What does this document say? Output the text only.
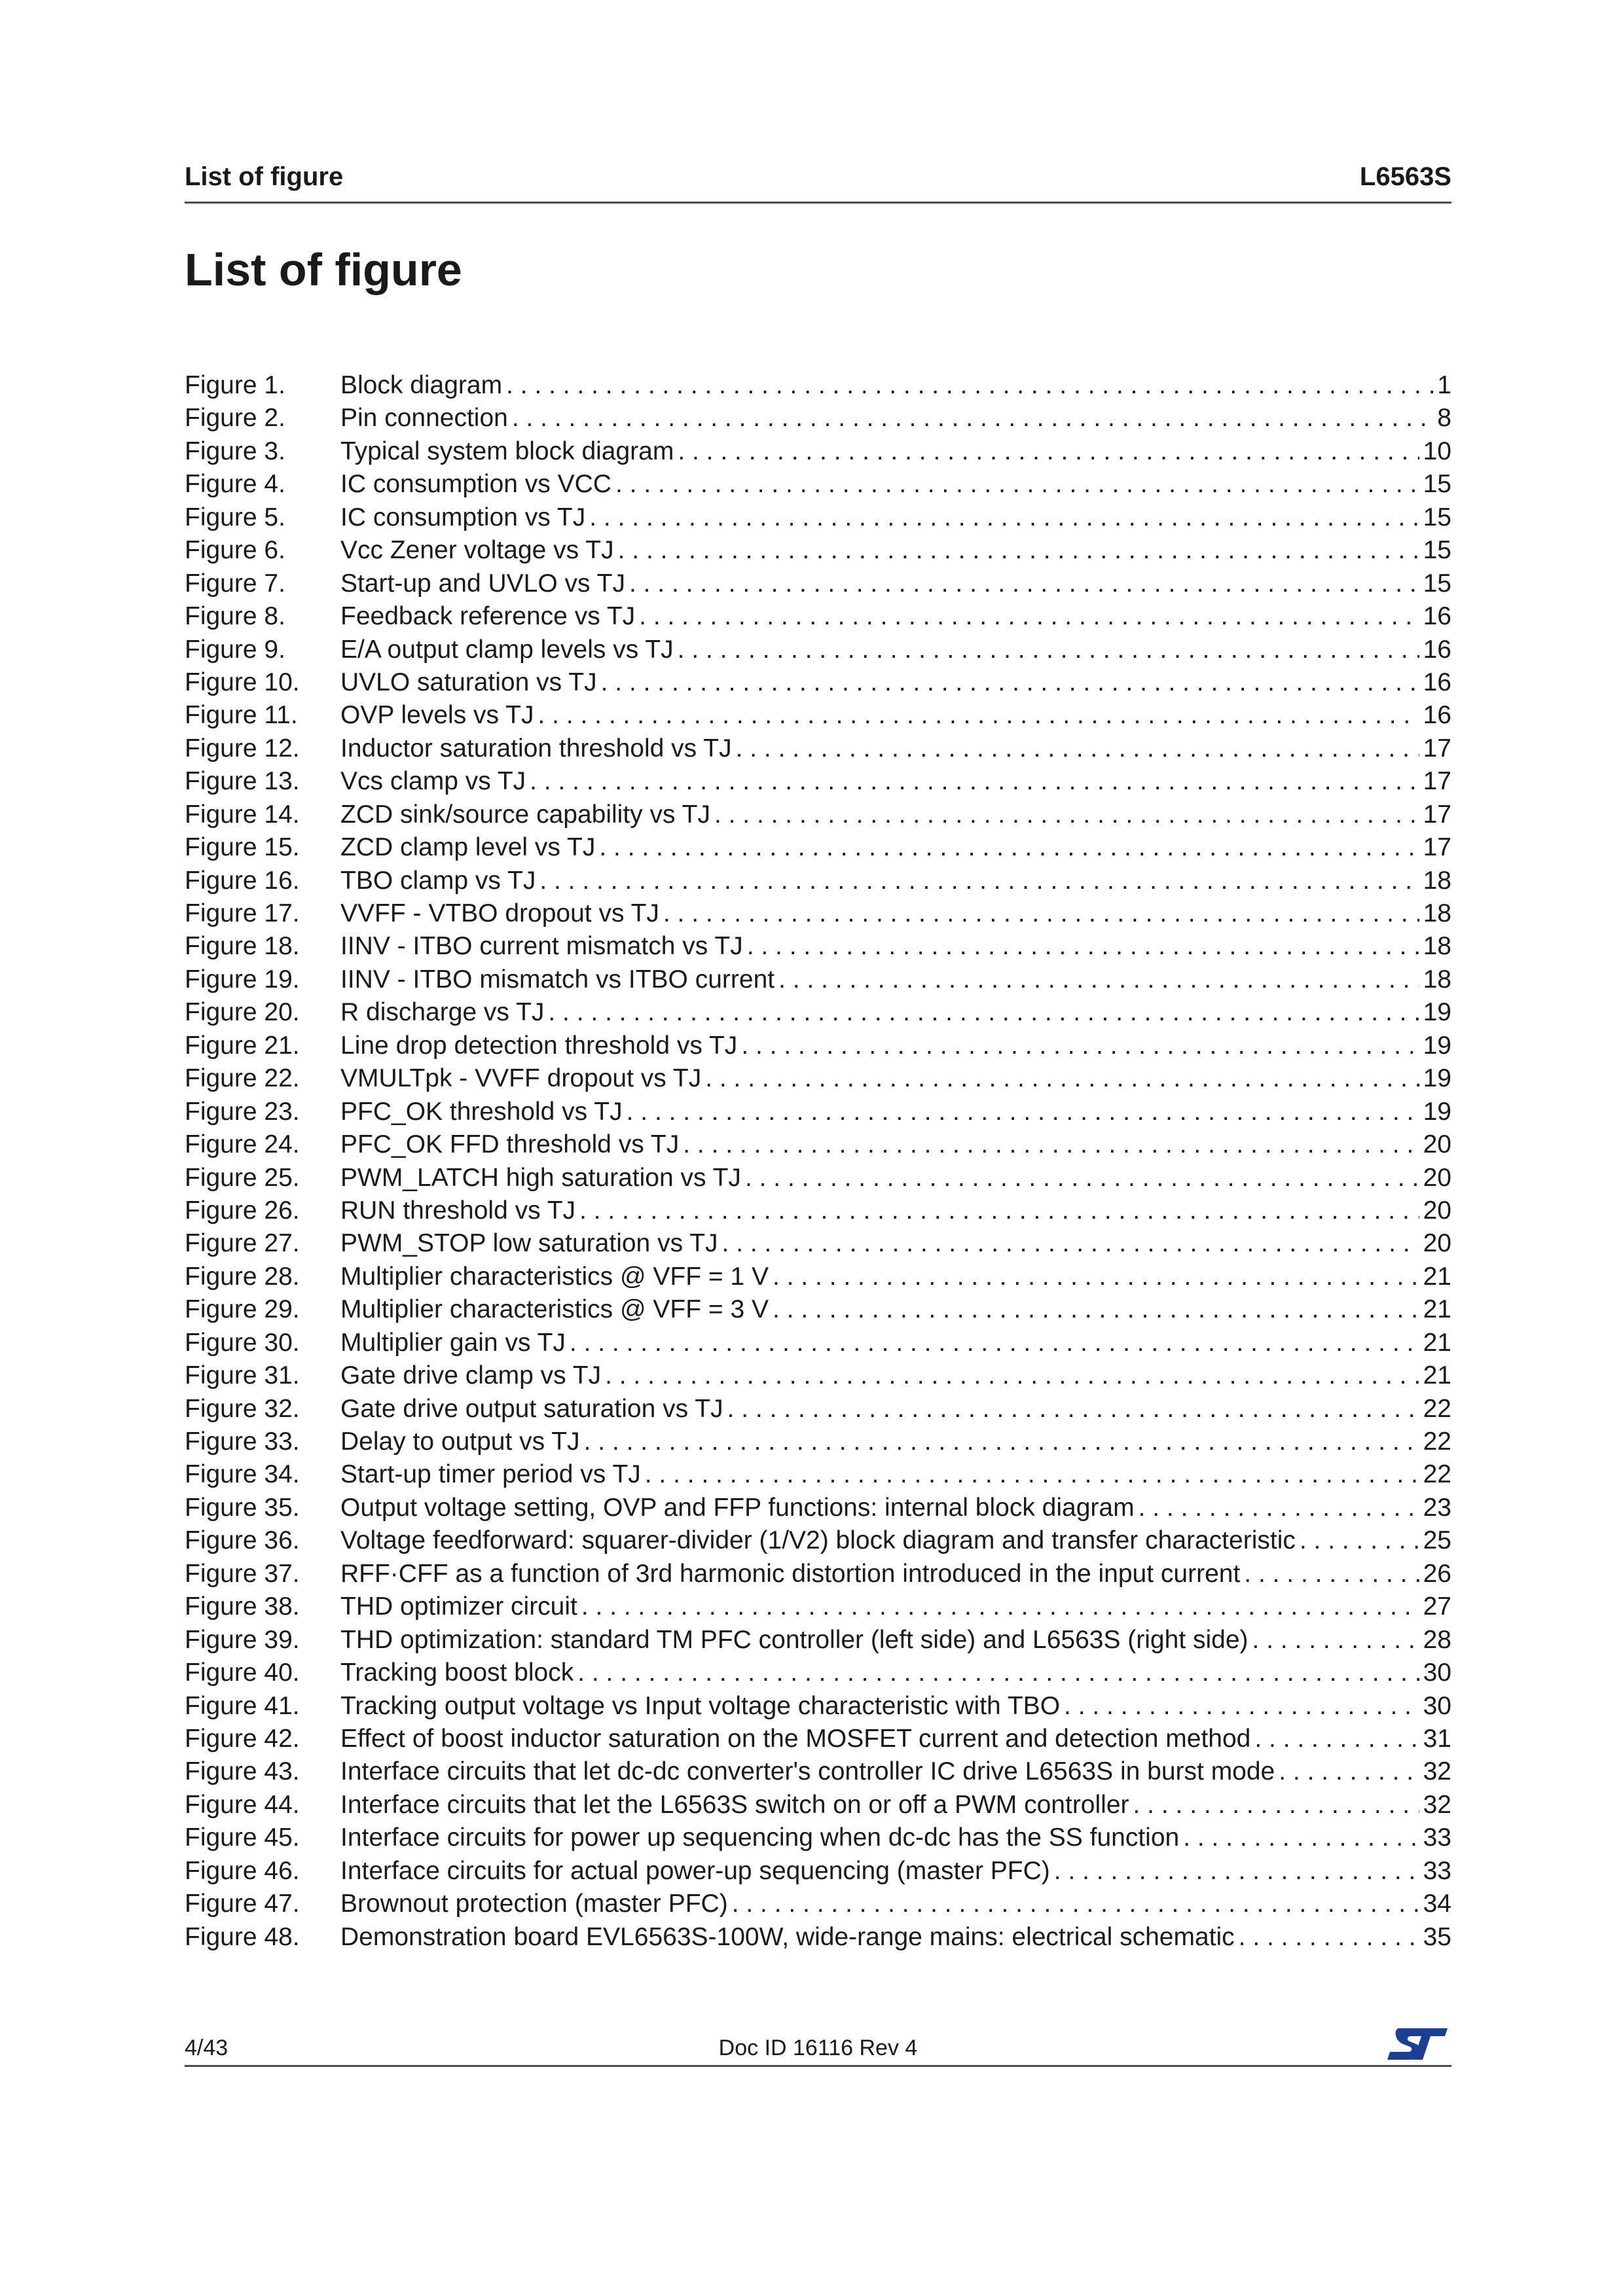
List of figure	L6563S
List of figure
Figure 1.	Block diagram . . .	1
Figure 2.	Pin connection . . .	8
Figure 3.	Typical system block diagram . . .	10
Figure 4.	IC consumption vs VCC . . .	15
Figure 5.	IC consumption vs TJ . . .	15
Figure 6.	Vcc Zener voltage vs TJ . . .	15
Figure 7.	Start-up and UVLO vs TJ . . .	15
Figure 8.	Feedback reference vs TJ . . .	16
Figure 9.	E/A output clamp levels vs TJ . . .	16
Figure 10.	UVLO saturation vs TJ . . .	16
Figure 11.	OVP levels vs TJ . . .	16
Figure 12.	Inductor saturation threshold vs TJ . . .	17
Figure 13.	Vcs clamp vs TJ . . .	17
Figure 14.	ZCD sink/source capability vs TJ . . .	17
Figure 15.	ZCD clamp level vs TJ . . .	17
Figure 16.	TBO clamp vs TJ . . .	18
Figure 17.	VVFF - VTBO dropout vs TJ . . .	18
Figure 18.	IINV - ITBO current mismatch vs TJ . . .	18
Figure 19.	IINV - ITBO mismatch vs ITBO current . . .	18
Figure 20.	R discharge vs TJ . . .	19
Figure 21.	Line drop detection threshold vs TJ . . .	19
Figure 22.	VMULTpk - VVFF dropout vs TJ . . .	19
Figure 23.	PFC_OK threshold vs TJ . . .	19
Figure 24.	PFC_OK FFD threshold vs TJ . . .	20
Figure 25.	PWM_LATCH high saturation vs TJ . . .	20
Figure 26.	RUN threshold vs TJ . . .	20
Figure 27.	PWM_STOP low saturation vs TJ . . .	20
Figure 28.	Multiplier characteristics @ VFF = 1 V . . .	21
Figure 29.	Multiplier characteristics @ VFF = 3 V . . .	21
Figure 30.	Multiplier gain vs TJ . . .	21
Figure 31.	Gate drive clamp vs TJ . . .	21
Figure 32.	Gate drive output saturation vs TJ . . .	22
Figure 33.	Delay to output vs TJ . . .	22
Figure 34.	Start-up timer period vs TJ . . .	22
Figure 35.	Output voltage setting, OVP and FFP functions: internal block diagram . . .	23
Figure 36.	Voltage feedforward: squarer-divider (1/V2) block diagram and transfer characteristic . . .	25
Figure 37.	RFF·CFF as a function of 3rd harmonic distortion introduced in the input current . . .	26
Figure 38.	THD optimizer circuit . . .	27
Figure 39.	THD optimization: standard TM PFC controller (left side) and L6563S (right side) . . .	28
Figure 40.	Tracking boost block . . .	30
Figure 41.	Tracking output voltage vs Input voltage characteristic with TBO . . .	30
Figure 42.	Effect of boost inductor saturation on the MOSFET current and detection method . . .	31
Figure 43.	Interface circuits that let dc-dc converter's controller IC drive L6563S in burst mode . . .	32
Figure 44.	Interface circuits that let the L6563S switch on or off a PWM controller . . .	32
Figure 45.	Interface circuits for power up sequencing when dc-dc has the SS function . . .	33
Figure 46.	Interface circuits for actual power-up sequencing (master PFC) . . .	33
Figure 47.	Brownout protection (master PFC) . . .	34
Figure 48.	Demonstration board EVL6563S-100W, wide-range mains: electrical schematic . . .	35
4/43	Doc ID 16116 Rev 4
